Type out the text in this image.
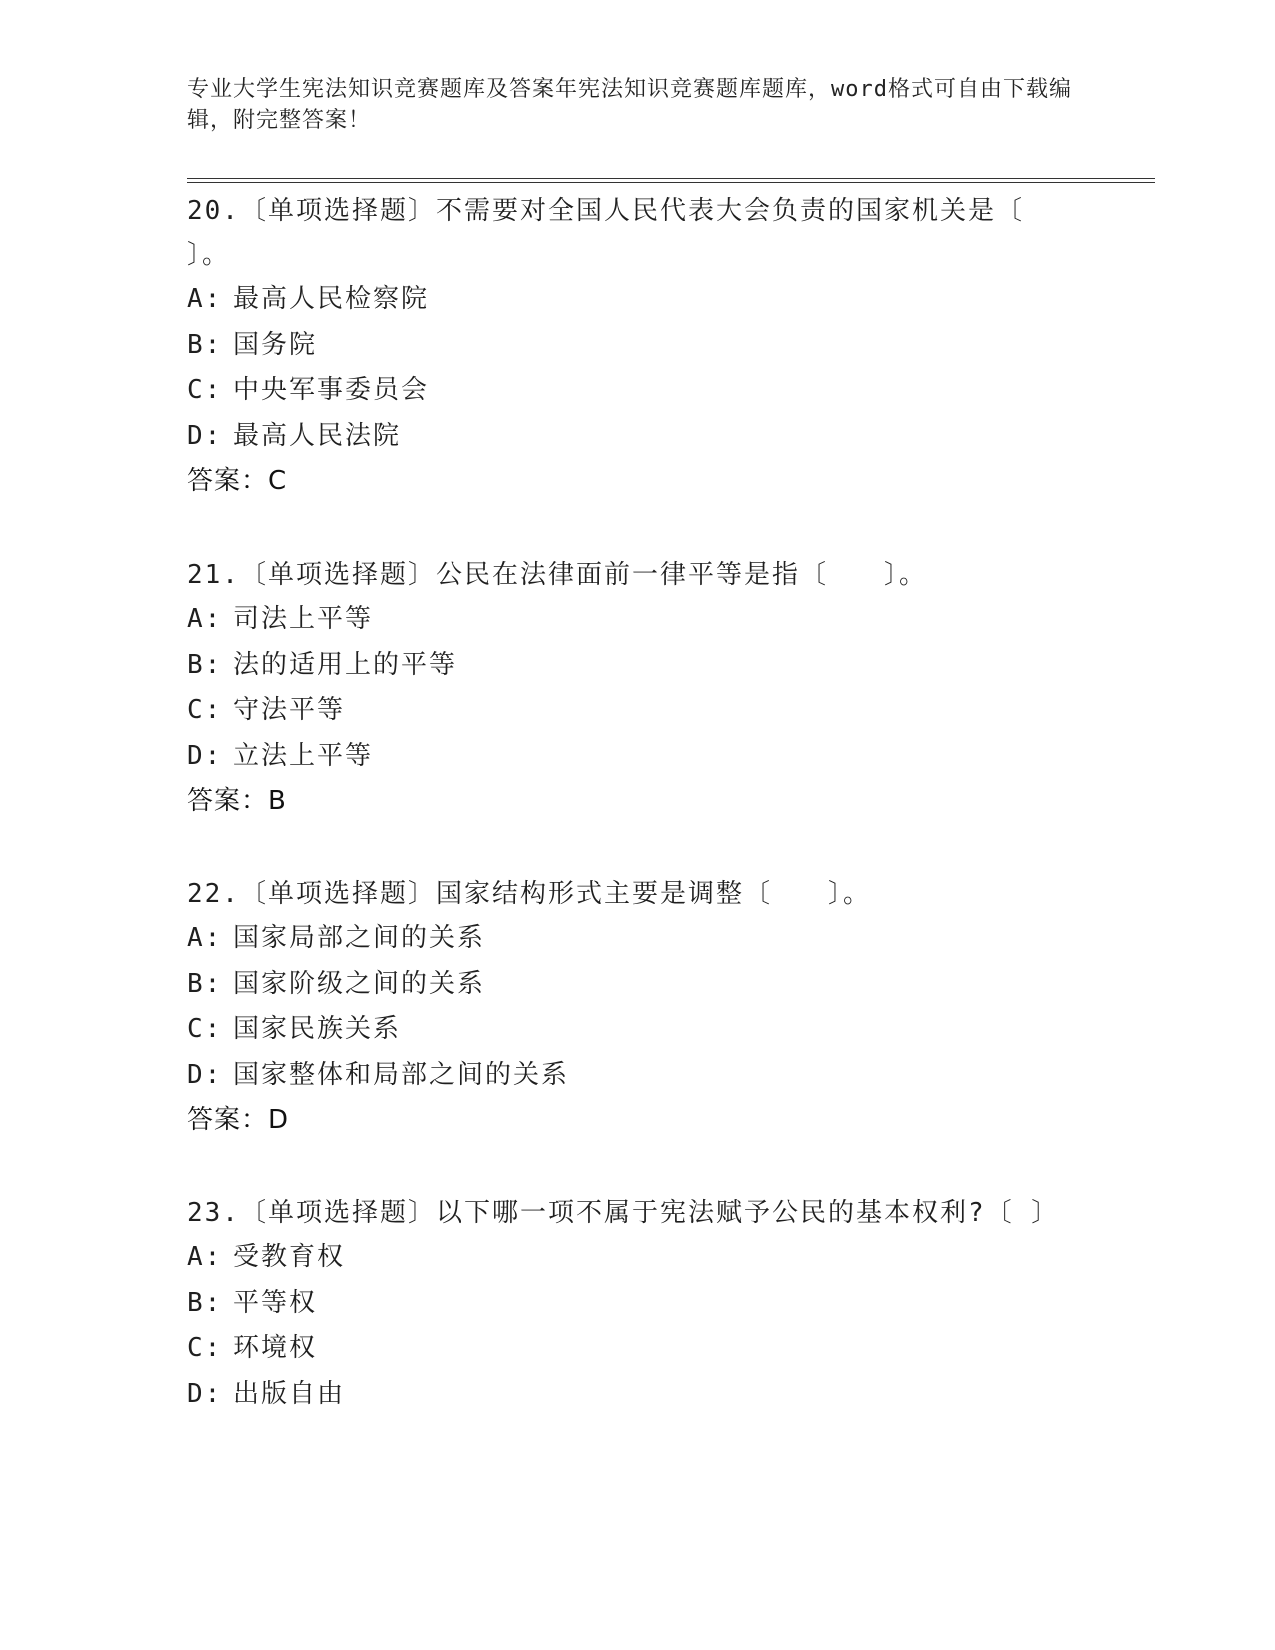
专业大学生宪法知识竞赛题库及答案年宪法知识竞赛题库题库，word格式可自由下载编辑，附完整答案！

20.〔单项选择题〕不需要对全国人民代表大会负责的国家机关是〔 〕。

A: 最高人民检察院

B: 国务院

C: 中央军事委员会

D: 最高人民法院

答案：C

21.〔单项选择题〕公民在法律面前一律平等是指〔　　〕。

A: 司法上平等

B: 法的适用上的平等

C: 守法平等

D: 立法上平等

答案：B

22.〔单项选择题〕国家结构形式主要是调整〔　　〕。

A: 国家局部之间的关系

B: 国家阶级之间的关系

C: 国家民族关系

D: 国家整体和局部之间的关系

答案：D

23.〔单项选择题〕以下哪一项不属于宪法赋予公民的基本权利?〔 〕

A: 受教育权

B: 平等权

C: 环境权

D: 出版自由
